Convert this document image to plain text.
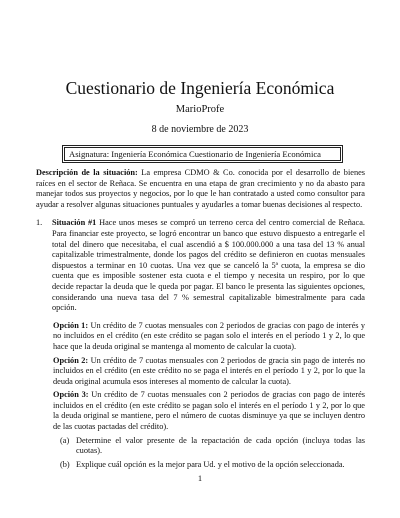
Cuestionario de Ingeniería Económica
MarioProfe
8 de noviembre de 2023
Asignatura: Ingeniería Económica Cuestionario de Ingeniería Económica

Descripción de la situación: La empresa CDMO & Co. conocida por el desarrollo de bienes raíces en el sector de Reñaca. Se encuentra en una etapa de gran crecimiento y no da abasto para manejar todos sus proyectos y negocios, por lo que le han contratado a usted como consultor para ayudar a resolver algunas situaciones puntuales y ayudarles a tomar buenas decisiones al respecto.

1.	Situación #1 Hace unos meses se compró un terreno cerca del centro comercial de Reñaca. Para financiar este proyecto, se logró encontrar un banco que estuvo dispuesto a entregarle el total del dinero que necesitaba, el cual ascendió a $ 100.000.000 a una tasa del 13 % anual capitalizable trimestralmente, donde los pagos del crédito se definieron en cuotas mensuales dispuestos a terminar en 10 cuotas. Una vez que se canceló la 5ª cuota, la empresa se dio cuenta que es imposible sostener esta cuota e el tiempo y necesita un respiro, por lo que decide repactar la deuda que le queda por pagar. El banco le presenta las siguientes opciones, considerando una nueva tasa del 7 % semestral capitalizable bimestralmente para cada opción.
Opción 1: Un crédito de 7 cuotas mensuales con 2 periodos de gracias con pago de interés y no incluidos en el crédito (en este crédito se pagan solo el interés en el período 1 y 2, lo que hace que la deuda original se mantenga al momento de calcular la cuota).
Opción 2: Un crédito de 7 cuotas mensuales con 2 periodos de gracia sin pago de interés no incluidos en el crédito (en este crédito no se paga el interés en el período 1 y 2, por lo que la deuda original acumula esos intereses al momento de calcular la cuota).
Opción 3: Un crédito de 7 cuotas mensuales con 2 periodos de gracias con pago de interés incluidos en el crédito (en este crédito se pagan solo el interés en el período 1 y 2, por lo que la deuda original se mantiene, pero el número de cuotas disminuye ya que se incluyen dentro de las cuotas pactadas del crédito).
(a) Determine el valor presente de la repactación de cada opción (incluya todas las cuotas).
(b) Explique cuál opción es la mejor para Ud. y el motivo de la opción seleccionada.
1
